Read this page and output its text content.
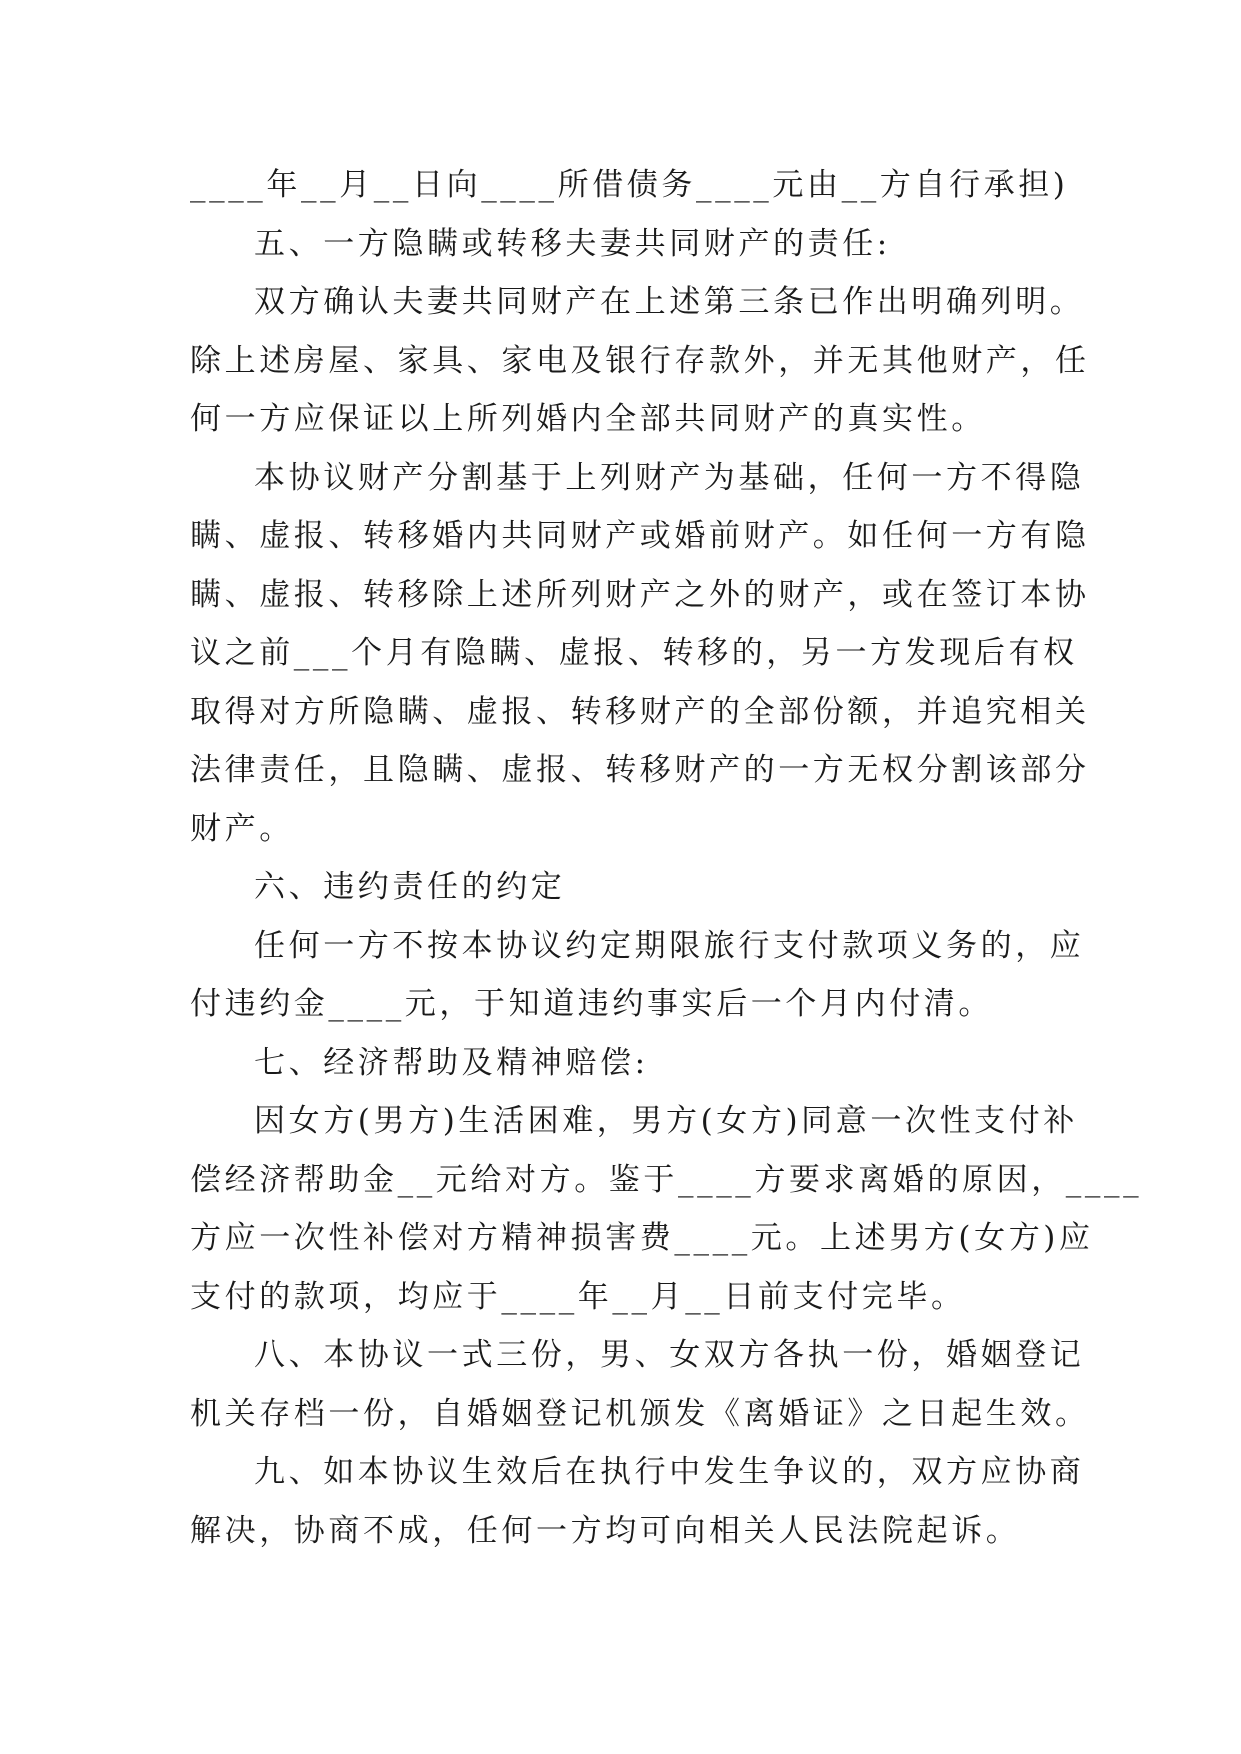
____年__月__日向____所借债务____元由__方自行承担)
五、一方隐瞒或转移夫妻共同财产的责任:
双方确认夫妻共同财产在上述第三条已作出明确列明。
除上述房屋、家具、家电及银行存款外，并无其他财产，任
何一方应保证以上所列婚内全部共同财产的真实性。
本协议财产分割基于上列财产为基础，任何一方不得隐
瞒、虚报、转移婚内共同财产或婚前财产。如任何一方有隐
瞒、虚报、转移除上述所列财产之外的财产，或在签订本协
议之前___个月有隐瞒、虚报、转移的，另一方发现后有权
取得对方所隐瞒、虚报、转移财产的全部份额，并追究相关
法律责任，且隐瞒、虚报、转移财产的一方无权分割该部分
财产。
六、违约责任的约定
任何一方不按本协议约定期限旅行支付款项义务的，应
付违约金____元，于知道违约事实后一个月内付清。
七、经济帮助及精神赔偿:
因女方(男方)生活困难，男方(女方)同意一次性支付补
偿经济帮助金__元给对方。鉴于____方要求离婚的原因，____
方应一次性补偿对方精神损害费____元。上述男方(女方)应
支付的款项，均应于____年__月__日前支付完毕。
八、本协议一式三份，男、女双方各执一份，婚姻登记
机关存档一份，自婚姻登记机颁发《离婚证》之日起生效。
九、如本协议生效后在执行中发生争议的，双方应协商
解决，协商不成，任何一方均可向相关人民法院起诉。
